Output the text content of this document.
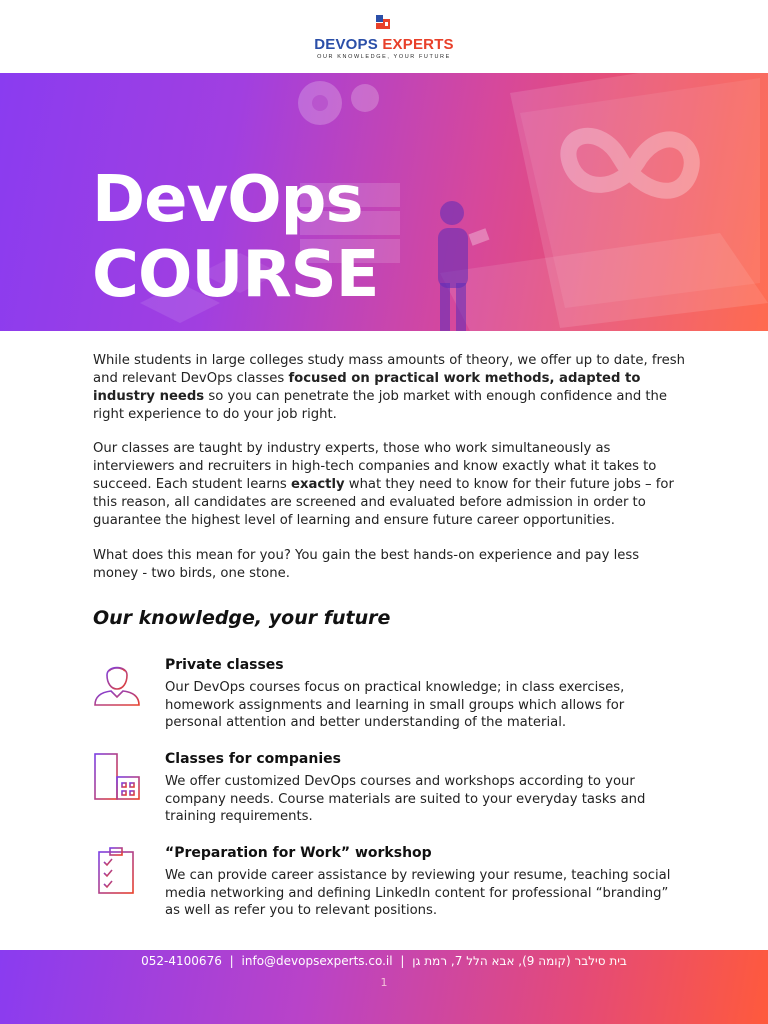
DEVOPS EXPERTS
OUR KNOWLEDGE, YOUR FUTURE
DevOps
COURSE
While students in large colleges study mass amounts of theory, we offer up to date, fresh and relevant DevOps classes focused on practical work methods, adapted to industry needs so you can penetrate the job market with enough confidence and the right experience to do your job right.
Our classes are taught by industry experts, those who work simultaneously as interviewers and recruiters in high-tech companies and know exactly what it takes to succeed. Each student learns exactly what they need to know for their future jobs – for this reason, all candidates are screened and evaluated before admission in order to guarantee the highest level of learning and ensure future career opportunities.
What does this mean for you? You gain the best hands-on experience and pay less money - two birds, one stone.
Our knowledge, your future
Private classes
Our DevOps courses focus on practical knowledge; in class exercises, homework assignments and learning in small groups which allows for personal attention and better understanding of the material.
Classes for companies
We offer customized DevOps courses and workshops according to your company needs. Course materials are suited to your everyday tasks and training requirements.
“Preparation for Work” workshop
We can provide career assistance by reviewing your resume, teaching social media networking and defining LinkedIn content for professional “branding” as well as refer you to relevant positions.
052-4100676 | info@devopsexperts.co.il | בית סילבר (קומה 9), אבא הלל 7, רמת גן
1
